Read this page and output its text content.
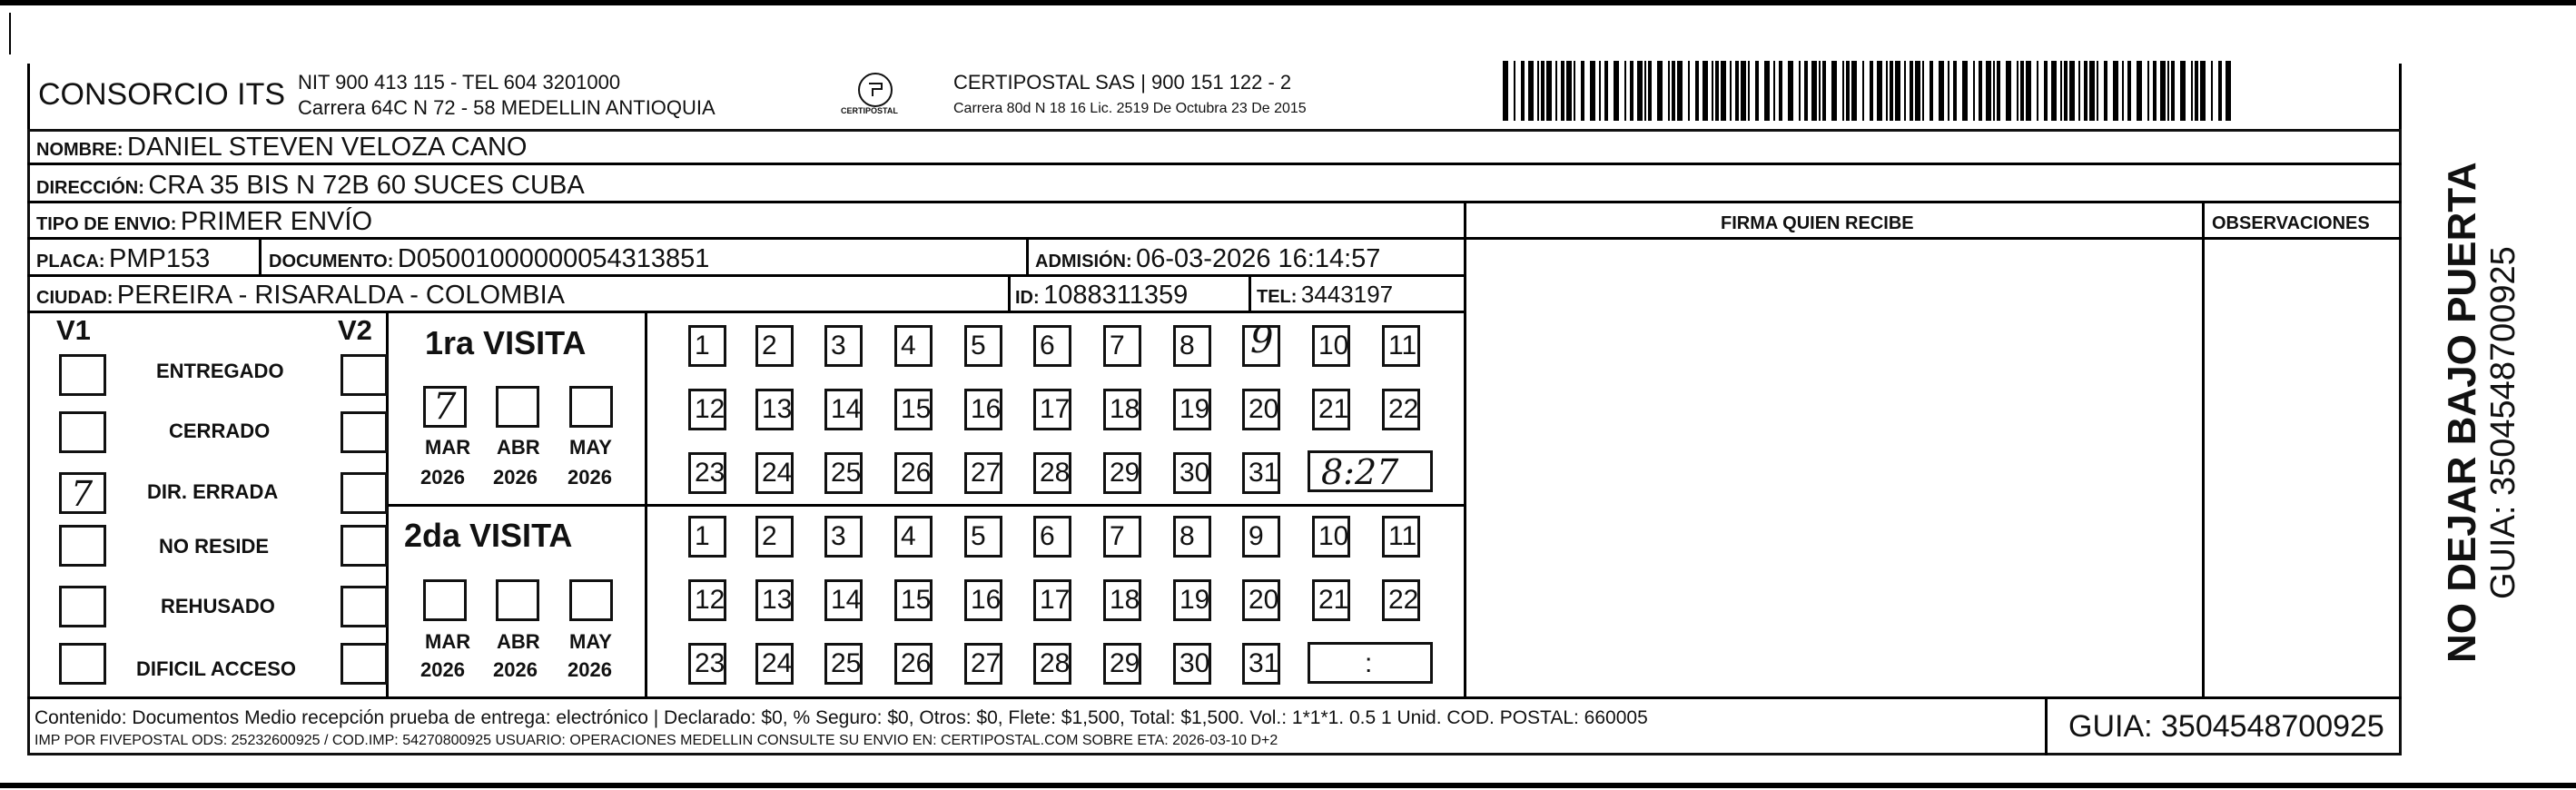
CONSORCIO ITS NIT 900 413 115 - TEL 604 3201000
Carrera 64C N 72 - 58 MEDELLIN ANTIOQUIA	CERTIPOSTAL
CERTIPOSTAL SAS | 900 151 122 - 2
Carrera 80d N 18 16 Lic. 2519 De Octubra 23 De 2015
NOMBRE: DANIEL STEVEN VELOZA CANO
DIRECCIÓN: CRA 35 BIS N 72B 60 SUCES CUBA
TIPO DE ENVIO: PRIMER ENVÍO	FIRMA QUIEN RECIBE	OBSERVACIONES
PLACA: PMP153	DOCUMENTO: D05001000000054313851	ADMISIÓN: 06-03-2026 16:14:57
CIUDAD: PEREIRA - RISARALDA - COLOMBIA	ID: 1088311359	TEL: 3443197
V1	V2
ENTREGADO
CERRADO
7	DIR. ERRADA
NO RESIDE
REHUSADO
DIFICIL ACCESO
1ra VISITA
7
MAR ABR MAY
2026 2026 2026
1	2	3	4	5	6	7	8	9 10 11
12 13 14 15 16 17 18 19 20 21 22
23 24 25 26 27 28 29 30 31 8:27
2da VISITA
MAR ABR MAY
2026 2026 2026
1	2	3	4	5	6	7	8	9	10 11
12 13 14 15 16 17 18 19 20 21 22
23 24 25 26 27 28 29 30 31	:
NO DEJAR BAJO PUERTA GUIA: 3504548700925
Contenido: Documentos Medio recepción prueba de entrega: electrónico | Declarado: $0, % Seguro: $0, Otros: $0, Flete: $1,500, Total: $1,500. Vol.: 1*1*1. 0.5 1 Unid. COD. POSTAL: 660005
IMP POR FIVEPOSTAL ODS: 25232600925 / COD.IMP: 54270800925 USUARIO: OPERACIONES MEDELLIN CONSULTE SU ENVIO EN: CERTIPOSTAL.COM SOBRE ETA: 2026-03-10 D+2	GUIA: 3504548700925
